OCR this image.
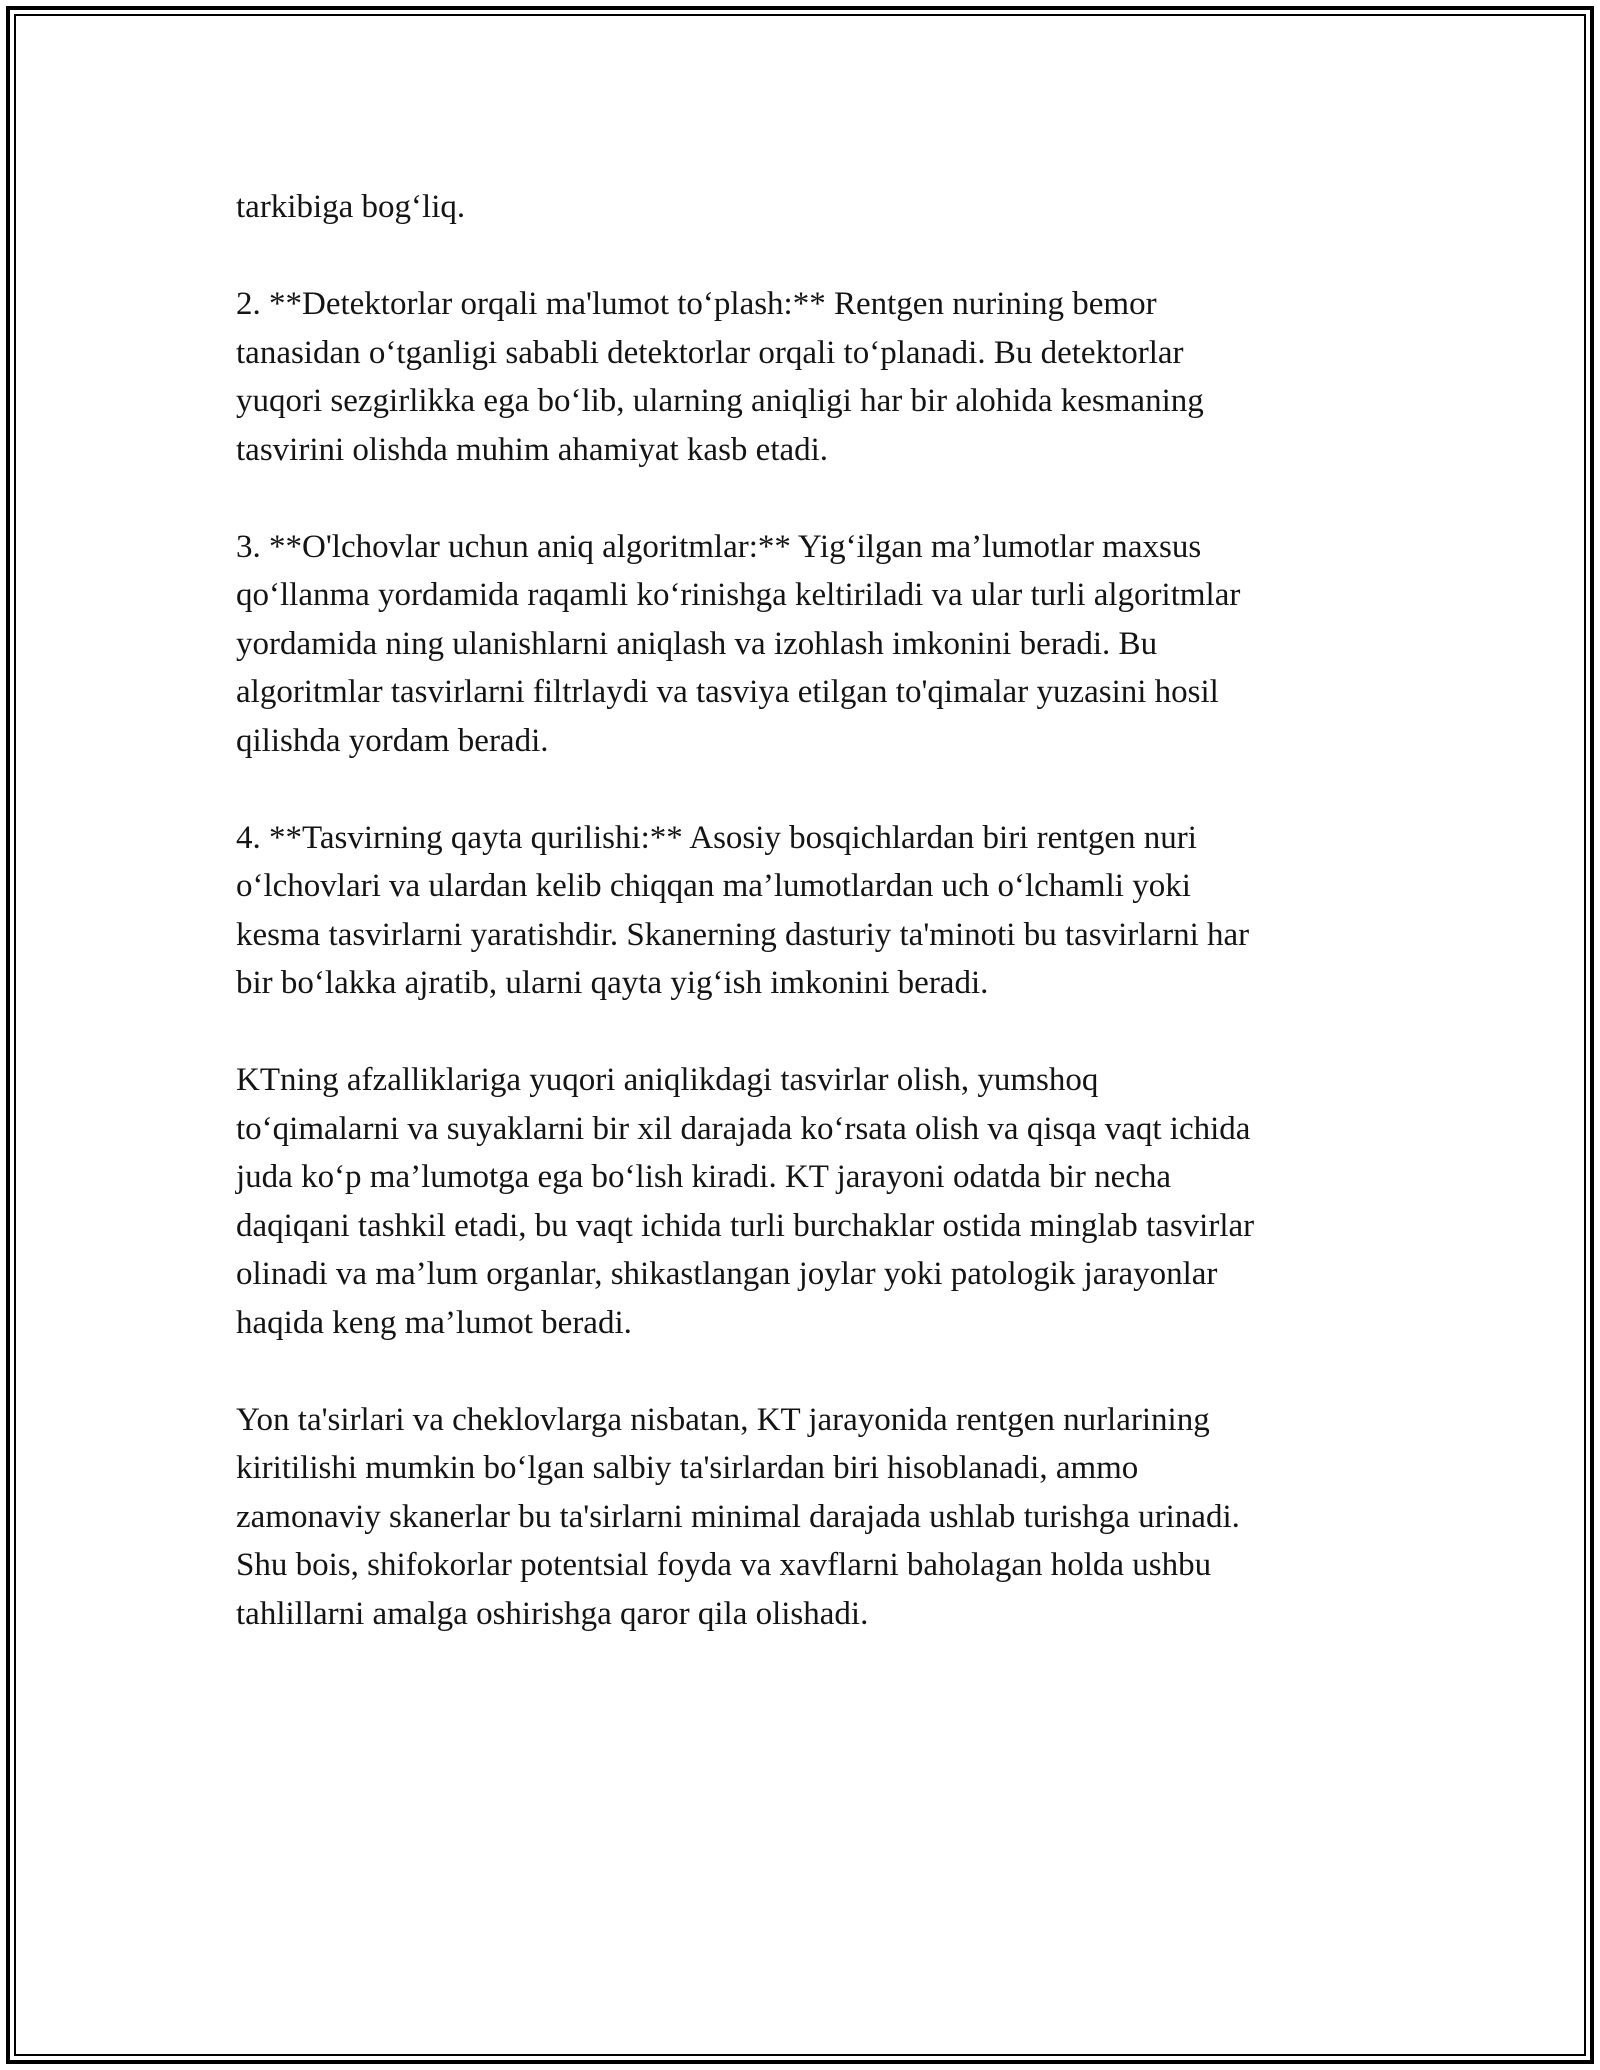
tarkibiga bog‘liq.

2. **Detektorlar orqali ma'lumot to‘plash:** Rentgen nurining bemor
tanasidan o‘tganligi sababli detektorlar orqali to‘planadi. Bu detektorlar
yuqori sezgirlikka ega bo‘lib, ularning aniqligi har bir alohida kesmaning
tasvirini olishda muhim ahamiyat kasb etadi.

3. **O'lchovlar uchun aniq algoritmlar:** Yig‘ilgan ma’lumotlar maxsus
qo‘llanma yordamida raqamli ko‘rinishga keltiriladi va ular turli algoritmlar
yordamida ning ulanishlarni aniqlash va izohlash imkonini beradi. Bu
algoritmlar tasvirlarni filtrlaydi va tasviya etilgan to'qimalar yuzasini hosil
qilishda yordam beradi.

4. **Tasvirning qayta qurilishi:** Asosiy bosqichlardan biri rentgen nuri
o‘lchovlari va ulardan kelib chiqqan ma’lumotlardan uch o‘lchamli yoki
kesma tasvirlarni yaratishdir. Skanerning dasturiy ta'minoti bu tasvirlarni har
bir bo‘lakka ajratib, ularni qayta yig‘ish imkonini beradi.

KTning afzalliklariga yuqori aniqlikdagi tasvirlar olish, yumshoq
to‘qimalarni va suyaklarni bir xil darajada ko‘rsata olish va qisqa vaqt ichida
juda ko‘p ma’lumotga ega bo‘lish kiradi. KT jarayoni odatda bir necha
daqiqani tashkil etadi, bu vaqt ichida turli burchaklar ostida minglab tasvirlar
olinadi va ma’lum organlar, shikastlangan joylar yoki patologik jarayonlar
haqida keng ma’lumot beradi.

Yon ta'sirlari va cheklovlarga nisbatan, KT jarayonida rentgen nurlarining
kiritilishi mumkin bo‘lgan salbiy ta'sirlardan biri hisoblanadi, ammo
zamonaviy skanerlar bu ta'sirlarni minimal darajada ushlab turishga urinadi.
Shu bois, shifokorlar potentsial foyda va xavflarni baholagan holda ushbu
tahlillarni amalga oshirishga qaror qila olishadi.
